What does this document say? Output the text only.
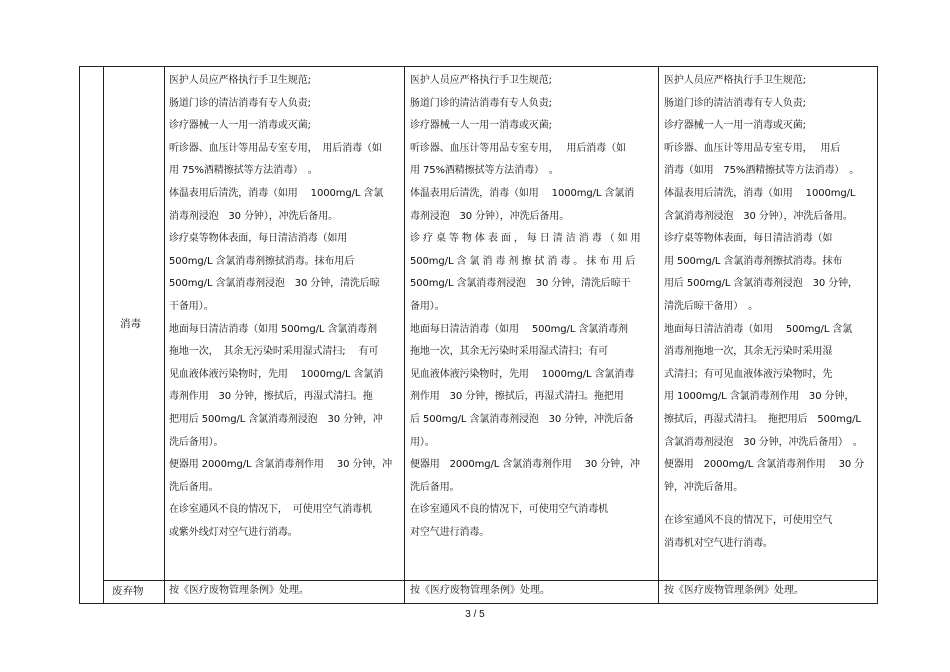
消毒
废弃物
医护人员应严格执行手卫生规范;
肠道门诊的清洁消毒有专人负责;
诊疗器械一人一用一消毒或灭菌;
听诊器、血压计等用品专室专用，　用后消毒（如
用 75%酒精擦拭等方法消毒）　。
体温表用后清洗，消毒（如用　 1000mg/L 含氯
消毒剂浸泡　30 分钟），冲洗后备用。
诊疗桌等物体表面，每日清洁消毒（如用
500mg/L 含氯消毒剂擦拭消毒。抹布用后
500mg/L 含氯消毒剂浸泡　30 分钟，清洗后晾
干备用）。
地面每日清洁消毒（如用 500mg/L 含氯消毒剂
拖地一次，　其余无污染时采用湿式清扫;　 有可
见血液体液污染物时，先用　 1000mg/L 含氯消
毒剂作用　30 分钟，擦拭后，再湿式清扫。拖
把用后 500mg/L 含氯消毒剂浸泡　30 分钟，冲
洗后备用）。
便器用 2000mg/L 含氯消毒剂作用　 30 分钟，冲
洗后备用。
在诊室通风不良的情况下，　可使用空气消毒机
或紫外线灯对空气进行消毒。
医护人员应严格执行手卫生规范;
肠道门诊的清洁消毒有专人负责;
诊疗器械一人一用一消毒或灭菌;
听诊器、血压计等用品专室专用，　 用后消毒（如
用 75%酒精擦拭等方法消毒）　。
体温表用后清洗，消毒（如用　 1000mg/L 含氯消
毒剂浸泡　30 分钟），冲洗后备用。
诊 疗 桌 等 物 体 表 面 ， 每 日 清 洁 消 毒 （ 如 用
500mg/L 含 氯 消 毒 剂 擦 拭 消 毒 。 抹 布 用 后
500mg/L 含氯消毒剂浸泡　30 分钟，清洗后晾干
备用）。
地面每日清洁消毒（如用　 500mg/L 含氯消毒剂
拖地一次，其余无污染时采用湿式清扫；有可
见血液体液污染物时，先用　 1000mg/L 含氯消毒
剂作用　30 分钟，擦拭后，再湿式清扫。拖把用
后 500mg/L 含氯消毒剂浸泡　30 分钟，冲洗后备
用）。
便器用　2000mg/L 含氯消毒剂作用　 30 分钟，冲
洗后备用。
在诊室通风不良的情况下，可使用空气消毒机
对空气进行消毒。
医护人员应严格执行手卫生规范;
肠道门诊的清洁消毒有专人负责;
诊疗器械一人一用一消毒或灭菌;
听诊器、血压计等用品专室专用，　 用后
消毒（如用　75%酒精擦拭等方法消毒）　。
体温表用后清洗，消毒（如用　 1000mg/L
含氯消毒剂浸泡　30 分钟），冲洗后备用。
诊疗桌等物体表面，每日清洁消毒（如
用 500mg/L 含氯消毒剂擦拭消毒。抹布
用后 500mg/L 含氯消毒剂浸泡　30 分钟，
清洗后晾干备用）　。
地面每日清洁消毒（如用　 500mg/L 含氯
消毒剂拖地一次，其余无污染时采用湿
式清扫；有可见血液体液污染物时，先
用 1000mg/L 含氯消毒剂作用　30 分钟，
擦拭后，再湿式清扫。　拖把用后　500mg/L
含氯消毒剂浸泡　30 分钟，冲洗后备用）　。
便器用　2000mg/L 含氯消毒剂作用　 30 分
钟，冲洗后备用。
在诊室通风不良的情况下，可使用空气
消毒机对空气进行消毒。
按《医疗废物管理条例》处理。	按《医疗废物管理条例》处理。	按《医疗废物管理条例》处理。
3 / 5
